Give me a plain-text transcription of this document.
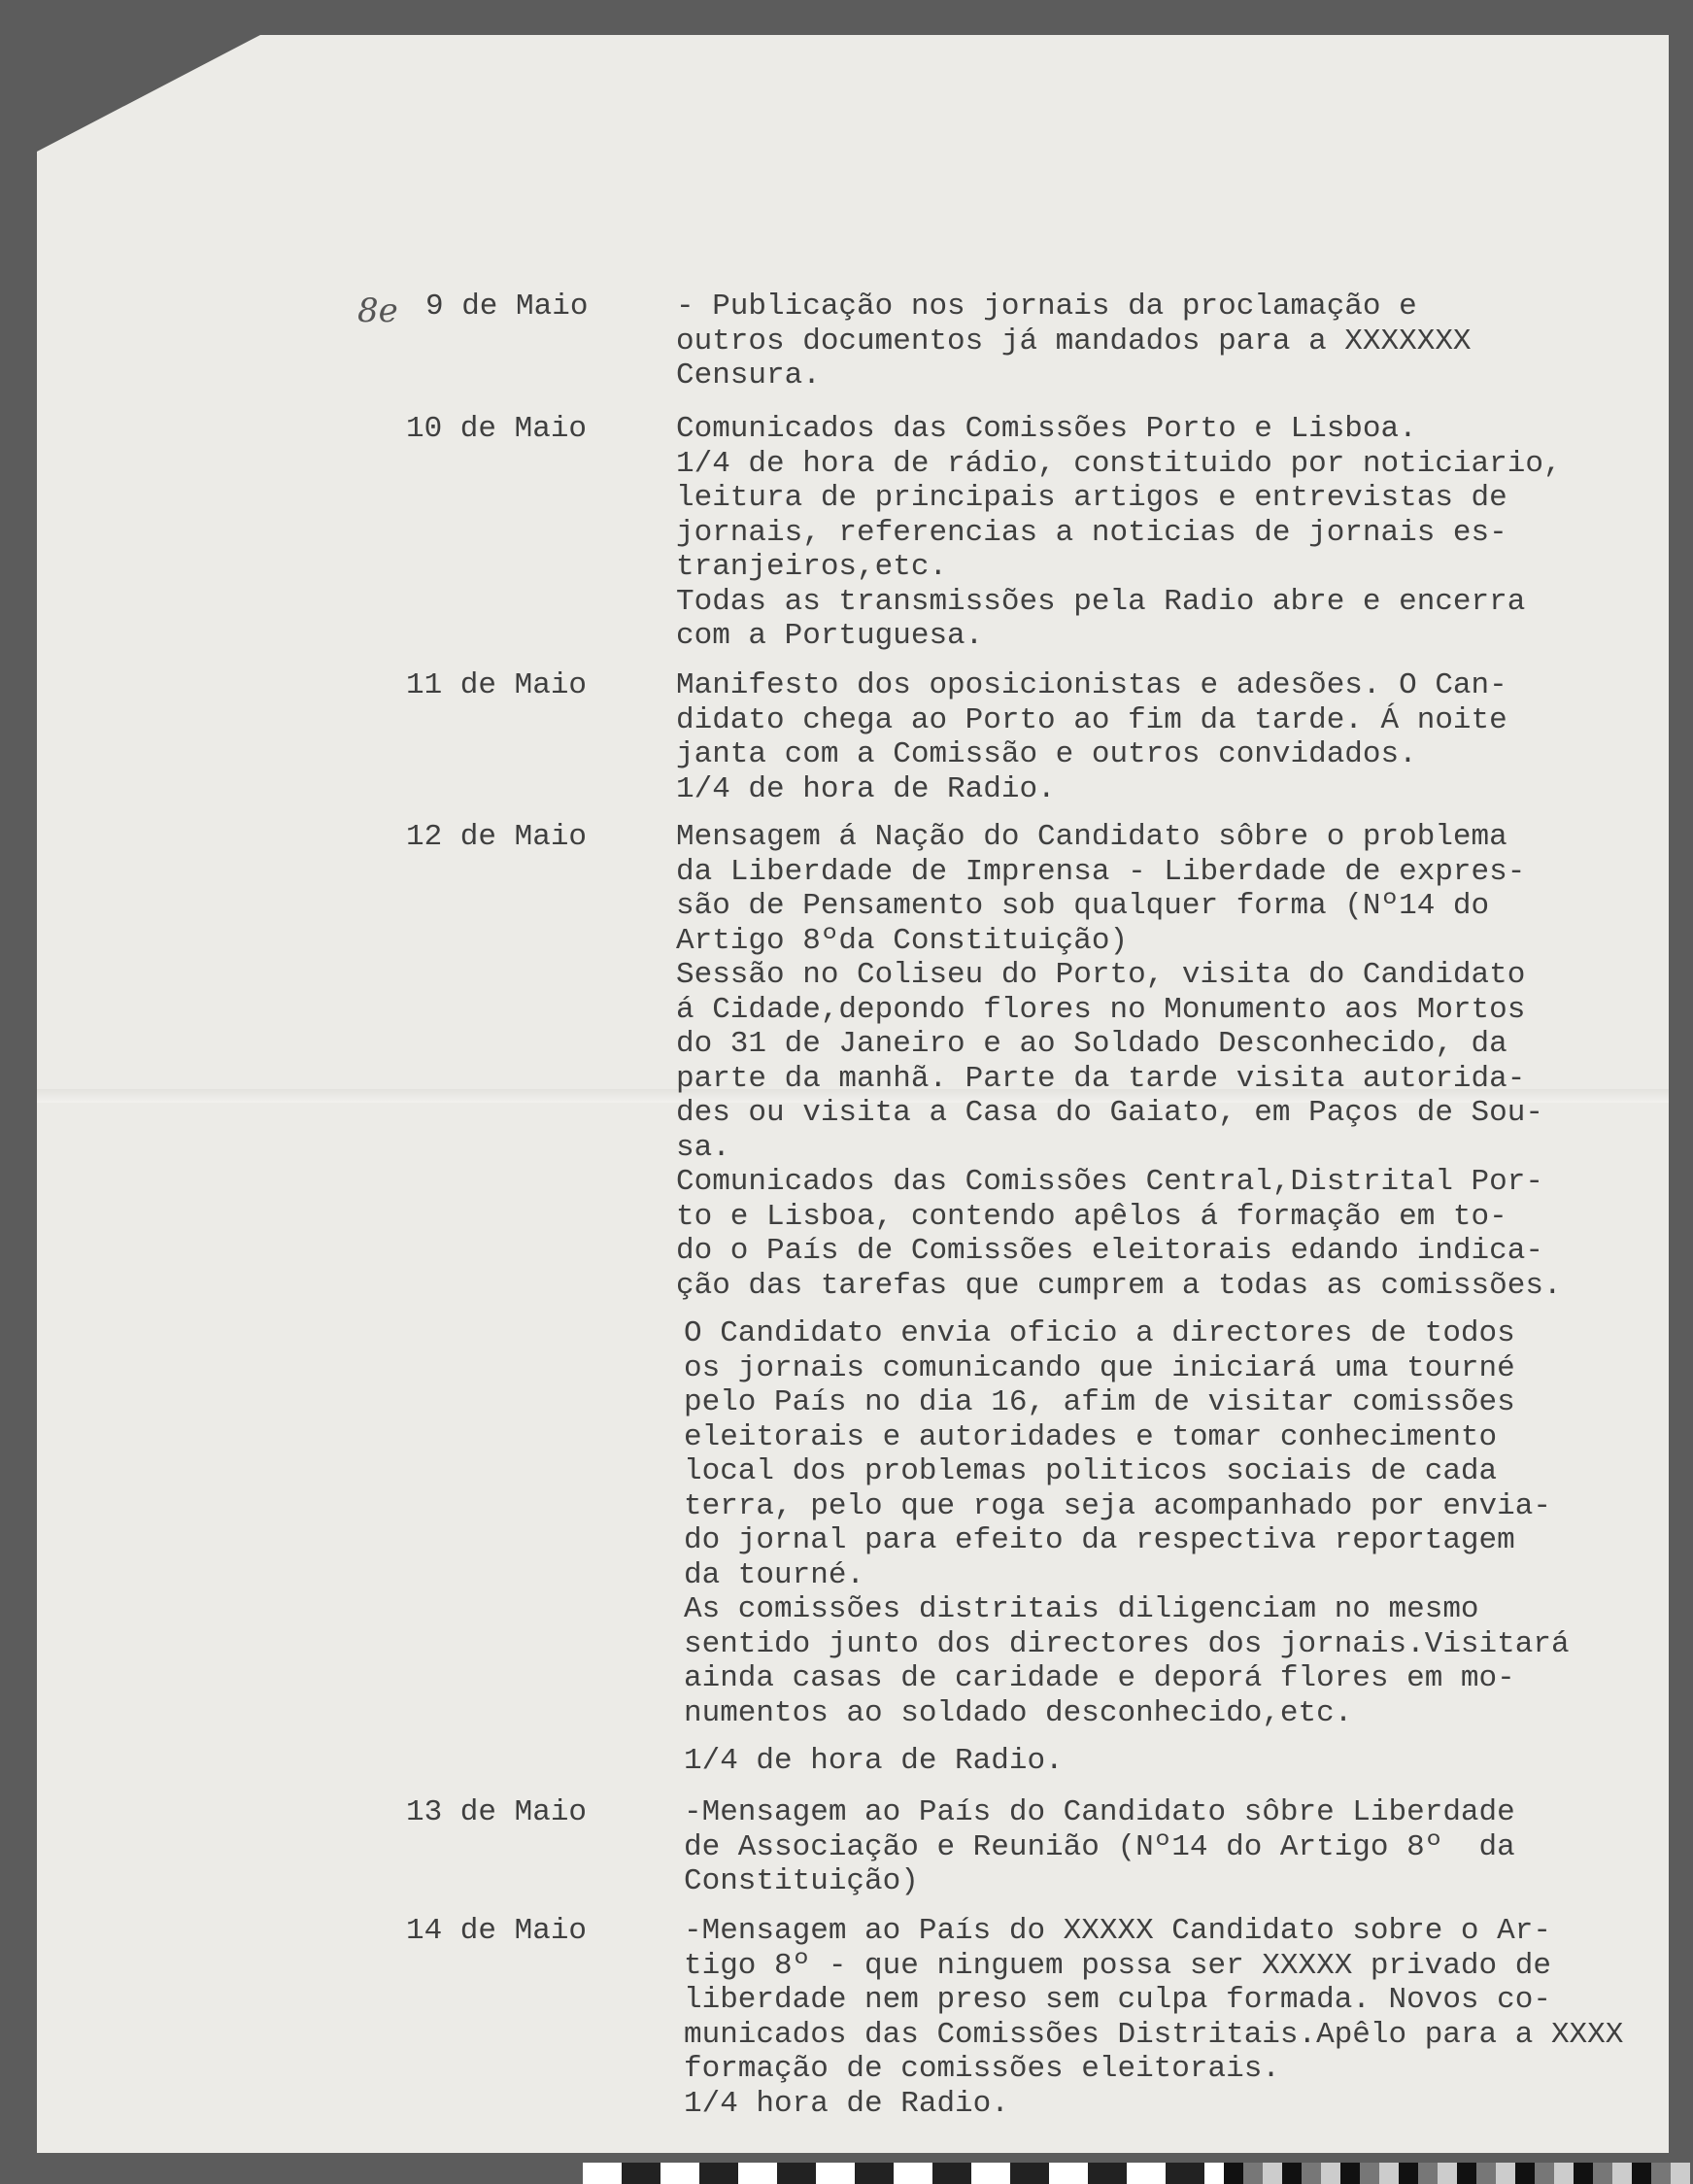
8e 9 de Maio	- Publicação nos jornais da proclamação e
outros documentos já mandados para a XXXXXXX
Censura.
10 de Maio	Comunicados das Comissões Porto e Lisboa.
1/4 de hora de rádio, constituido por noticiario,
leitura de principais artigos e entrevistas de
jornais, referencias a noticias de jornais es-
tranjeiros,etc.
Todas as transmissões pela Radio abre e encerra
com a Portuguesa.
11 de Maio	Manifesto dos oposicionistas e adesões. O Can-
didato chega ao Porto ao fim da tarde. Á noite
janta com a Comissão e outros convidados.
1/4 de hora de Radio.
12 de Maio	Mensagem á Nação do Candidato sôbre o problema
da Liberdade de Imprensa - Liberdade de expres-
são de Pensamento sob qualquer forma (Nº14 do
Artigo 8ºda Constituição)
Sessão no Coliseu do Porto, visita do Candidato
á Cidade,depondo flores no Monumento aos Mortos
do 31 de Janeiro e ao Soldado Desconhecido, da
parte da manhã. Parte da tarde visita autorida-
des ou visita a Casa do Gaiato, em Paços de Sou-
sa.
Comunicados das Comissões Central,Distrital Por-
to e Lisboa, contendo apêlos á formação em to-
do o País de Comissões eleitorais edando indica-
ção das tarefas que cumprem a todas as comissões.
O Candidato envia oficio a directores de todos
os jornais comunicando que iniciará uma tourné
pelo País no dia 16, afim de visitar comissões
eleitorais e autoridades e tomar conhecimento
local dos problemas politicos sociais de cada
terra, pelo que roga seja acompanhado por envia-
do jornal para efeito da respectiva reportagem
da tourné.
As comissões distritais diligenciam no mesmo
sentido junto dos directores dos jornais.Visitará
ainda casas de caridade e deporá flores em mo-
numentos ao soldado desconhecido,etc.
1/4 de hora de Radio.
13 de Maio	-Mensagem ao País do Candidato sôbre Liberdade
de Associação e Reunião (Nº14 do Artigo 8º  da
Constituição)
14 de Maio	-Mensagem ao País do XXXXX Candidato sobre o Ar-
tigo 8º - que ninguem possa ser XXXXX privado de
liberdade nem preso sem culpa formada. Novos co-
municados das Comissões Distritais.Apêlo para a XXXX
formação de comissões eleitorais.
1/4 hora de Radio.
